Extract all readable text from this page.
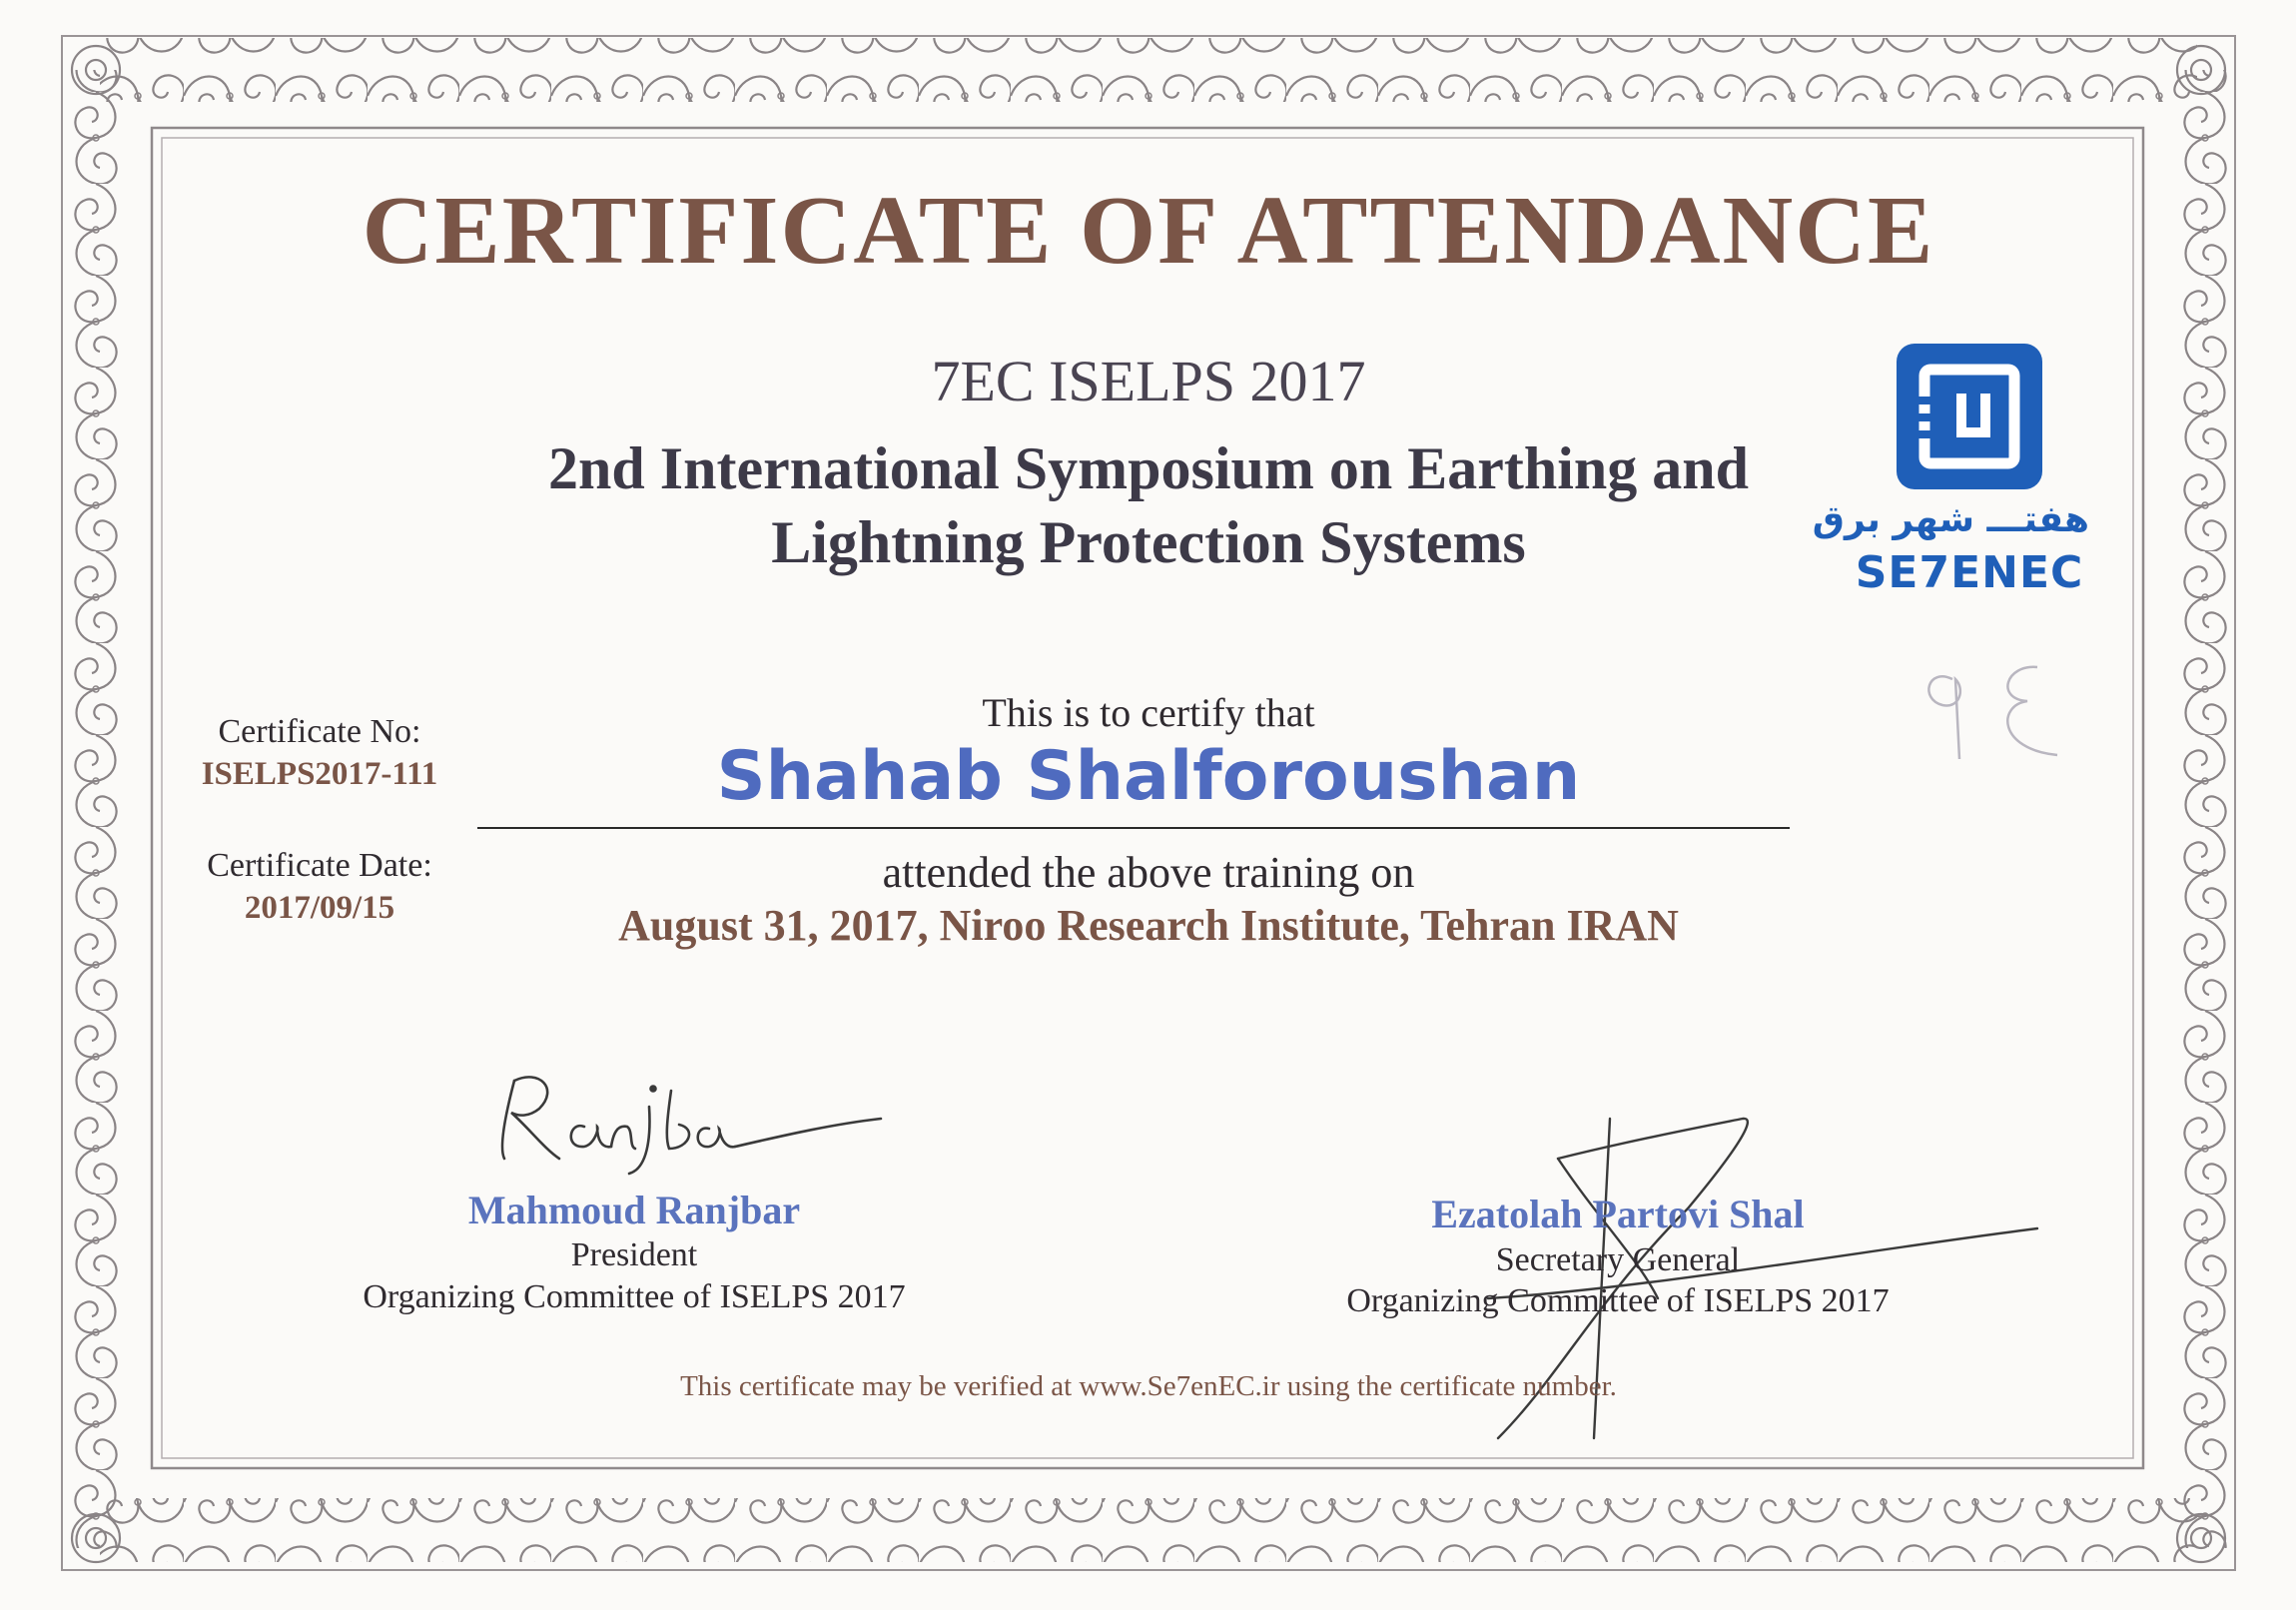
CERTIFICATE OF ATTENDANCE
7EC ISELPS 2017
2nd International Symposium on Earthing and
Lightning Protection Systems	هفتـــ شهر برق
SE7ENEC
Certificate No:
ISELPS2017-111
Certificate Date:
2017/09/15
This is to certify that
Shahab Shalforoushan
attended the above training on
August 31, 2017, Niroo Research Institute, Tehran IRAN
Mahmoud Ranjbar
President
Organizing Committee of ISELPS 2017
Ezatolah Partovi Shal
Secretary General
Organizing Committee of ISELPS 2017
This certificate may be verified at www.Se7enEC.ir using the certificate number.
